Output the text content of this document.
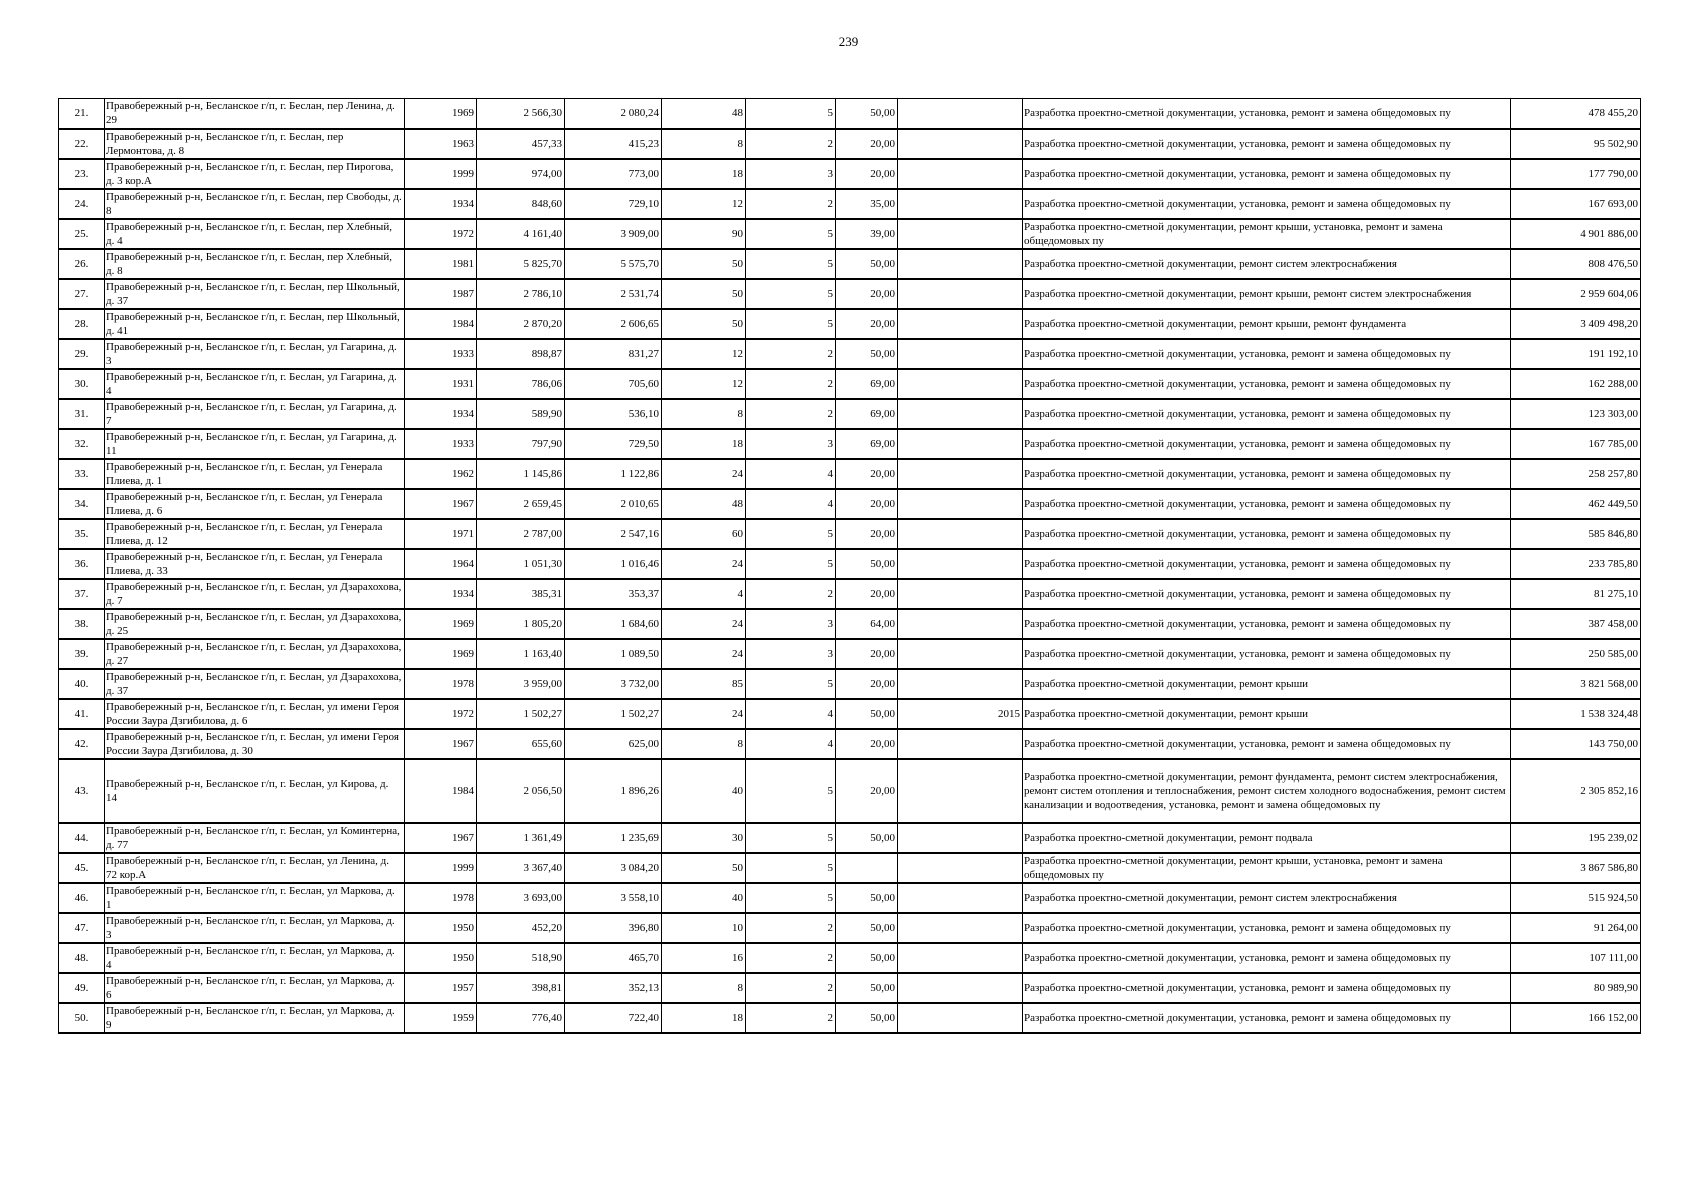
239
21.	Правобережный р-н, Бесланское г/п, г. Беслан, пер Ленина, д. 29	1969	2 566,30	2 080,24	48	5	50,00		Разработка проектно-сметной документации, установка, ремонт и замена общедомовых пу	478 455,20
22.	Правобережный р-н, Бесланское г/п, г. Беслан, пер Лермонтова, д. 8	1963	457,33	415,23	8	2	20,00		Разработка проектно-сметной документации, установка, ремонт и замена общедомовых пу	95 502,90
23.	Правобережный р-н, Бесланское г/п, г. Беслан, пер Пирогова, д. 3 кор.А	1999	974,00	773,00	18	3	20,00		Разработка проектно-сметной документации, установка, ремонт и замена общедомовых пу	177 790,00
24.	Правобережный р-н, Бесланское г/п, г. Беслан, пер Свободы, д. 8	1934	848,60	729,10	12	2	35,00		Разработка проектно-сметной документации, установка, ремонт и замена общедомовых пу	167 693,00
25.	Правобережный р-н, Бесланское г/п, г. Беслан, пер Хлебный, д. 4	1972	4 161,40	3 909,00	90	5	39,00		Разработка проектно-сметной документации, ремонт крыши, установка, ремонт и замена общедомовых пу	4 901 886,00
26.	Правобережный р-н, Бесланское г/п, г. Беслан, пер Хлебный, д. 8	1981	5 825,70	5 575,70	50	5	50,00		Разработка проектно-сметной документации, ремонт систем электроснабжения	808 476,50
27.	Правобережный р-н, Бесланское г/п, г. Беслан, пер Школьный, д. 37	1987	2 786,10	2 531,74	50	5	20,00		Разработка проектно-сметной документации, ремонт крыши, ремонт систем электроснабжения	2 959 604,06
28.	Правобережный р-н, Бесланское г/п, г. Беслан, пер Школьный, д. 41	1984	2 870,20	2 606,65	50	5	20,00		Разработка проектно-сметной документации, ремонт крыши, ремонт фундамента	3 409 498,20
29.	Правобережный р-н, Бесланское г/п, г. Беслан, ул Гагарина, д. 3	1933	898,87	831,27	12	2	50,00		Разработка проектно-сметной документации, установка, ремонт и замена общедомовых пу	191 192,10
30.	Правобережный р-н, Бесланское г/п, г. Беслан, ул Гагарина, д. 4	1931	786,06	705,60	12	2	69,00		Разработка проектно-сметной документации, установка, ремонт и замена общедомовых пу	162 288,00
31.	Правобережный р-н, Бесланское г/п, г. Беслан, ул Гагарина, д. 7	1934	589,90	536,10	8	2	69,00		Разработка проектно-сметной документации, установка, ремонт и замена общедомовых пу	123 303,00
32.	Правобережный р-н, Бесланское г/п, г. Беслан, ул Гагарина, д. 11	1933	797,90	729,50	18	3	69,00		Разработка проектно-сметной документации, установка, ремонт и замена общедомовых пу	167 785,00
33.	Правобережный р-н, Бесланское г/п, г. Беслан, ул Генерала Плиева, д. 1	1962	1 145,86	1 122,86	24	4	20,00		Разработка проектно-сметной документации, установка, ремонт и замена общедомовых пу	258 257,80
34.	Правобережный р-н, Бесланское г/п, г. Беслан, ул Генерала Плиева, д. 6	1967	2 659,45	2 010,65	48	4	20,00		Разработка проектно-сметной документации, установка, ремонт и замена общедомовых пу	462 449,50
35.	Правобережный р-н, Бесланское г/п, г. Беслан, ул Генерала Плиева, д. 12	1971	2 787,00	2 547,16	60	5	20,00		Разработка проектно-сметной документации, установка, ремонт и замена общедомовых пу	585 846,80
36.	Правобережный р-н, Бесланское г/п, г. Беслан, ул Генерала Плиева, д. 33	1964	1 051,30	1 016,46	24	5	50,00		Разработка проектно-сметной документации, установка, ремонт и замена общедомовых пу	233 785,80
37.	Правобережный р-н, Бесланское г/п, г. Беслан, ул Дзарахохова, д. 7	1934	385,31	353,37	4	2	20,00		Разработка проектно-сметной документации, установка, ремонт и замена общедомовых пу	81 275,10
38.	Правобережный р-н, Бесланское г/п, г. Беслан, ул Дзарахохова, д. 25	1969	1 805,20	1 684,60	24	3	64,00		Разработка проектно-сметной документации, установка, ремонт и замена общедомовых пу	387 458,00
39.	Правобережный р-н, Бесланское г/п, г. Беслан, ул Дзарахохова, д. 27	1969	1 163,40	1 089,50	24	3	20,00		Разработка проектно-сметной документации, установка, ремонт и замена общедомовых пу	250 585,00
40.	Правобережный р-н, Бесланское г/п, г. Беслан, ул Дзарахохова, д. 37	1978	3 959,00	3 732,00	85	5	20,00		Разработка проектно-сметной документации, ремонт крыши	3 821 568,00
41.	Правобережный р-н, Бесланское г/п, г. Беслан, ул имени Героя России Заура Дзгибилова, д. 6	1972	1 502,27	1 502,27	24	4	50,00	2015	Разработка проектно-сметной документации, ремонт крыши	1 538 324,48
42.	Правобережный р-н, Бесланское г/п, г. Беслан, ул имени Героя России Заура Дзгибилова, д. 30	1967	655,60	625,00	8	4	20,00		Разработка проектно-сметной документации, установка, ремонт и замена общедомовых пу	143 750,00
43.	Правобережный р-н, Бесланское г/п, г. Беслан, ул Кирова, д. 14	1984	2 056,50	1 896,26	40	5	20,00		Разработка проектно-сметной документации, ремонт фундамента, ремонт систем электроснабжения, ремонт систем отопления и теплоснабжения, ремонт систем холодного водоснабжения, ремонт систем канализации и водоотведения, установка, ремонт и замена общедомовых пу	2 305 852,16
44.	Правобережный р-н, Бесланское г/п, г. Беслан, ул Коминтерна, д. 77	1967	1 361,49	1 235,69	30	5	50,00		Разработка проектно-сметной документации, ремонт подвала	195 239,02
45.	Правобережный р-н, Бесланское г/п, г. Беслан, ул Ленина, д. 72 кор.А	1999	3 367,40	3 084,20	50	5			Разработка проектно-сметной документации, ремонт крыши, установка, ремонт и замена общедомовых пу	3 867 586,80
46.	Правобережный р-н, Бесланское г/п, г. Беслан, ул Маркова, д. 1	1978	3 693,00	3 558,10	40	5	50,00		Разработка проектно-сметной документации, ремонт систем электроснабжения	515 924,50
47.	Правобережный р-н, Бесланское г/п, г. Беслан, ул Маркова, д. 3	1950	452,20	396,80	10	2	50,00		Разработка проектно-сметной документации, установка, ремонт и замена общедомовых пу	91 264,00
48.	Правобережный р-н, Бесланское г/п, г. Беслан, ул Маркова, д. 4	1950	518,90	465,70	16	2	50,00		Разработка проектно-сметной документации, установка, ремонт и замена общедомовых пу	107 111,00
49.	Правобережный р-н, Бесланское г/п, г. Беслан, ул Маркова, д. 6	1957	398,81	352,13	8	2	50,00		Разработка проектно-сметной документации, установка, ремонт и замена общедомовых пу	80 989,90
50.	Правобережный р-н, Бесланское г/п, г. Беслан, ул Маркова, д. 9	1959	776,40	722,40	18	2	50,00		Разработка проектно-сметной документации, установка, ремонт и замена общедомовых пу	166 152,00
